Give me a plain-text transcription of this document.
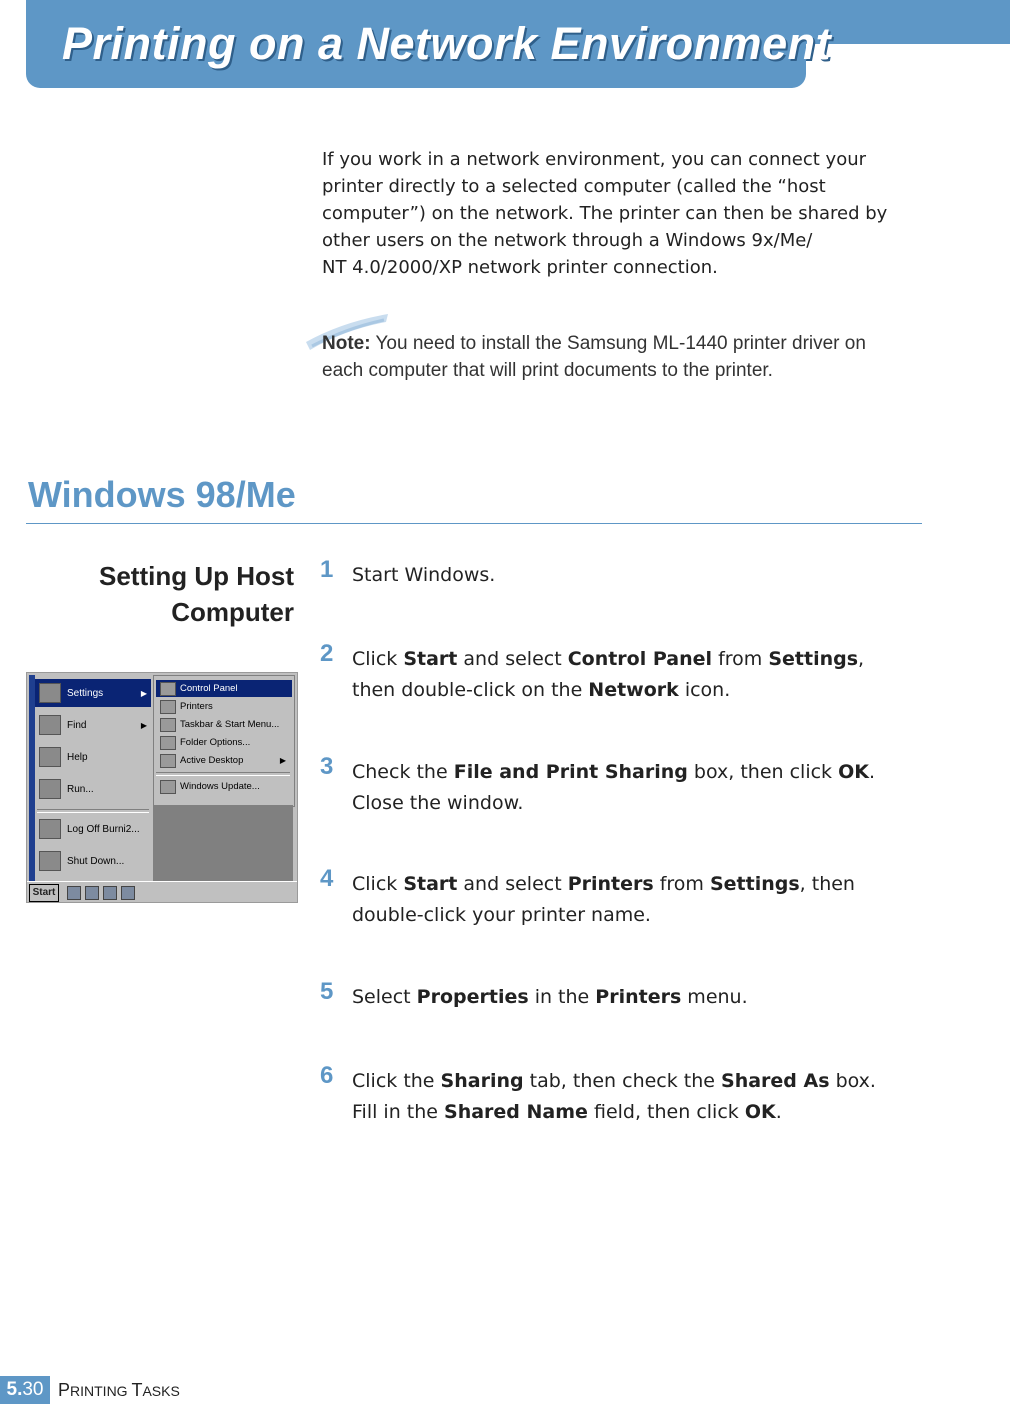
Printing on a Network Environment

If you work in a network environment, you can connect your

printer directly to a selected computer (called the “host

computer”) on the network. The printer can then be shared by

other users on the network through a Windows 9x/Me/

NT 4.0/2000/XP network printer connection.

Note: You need to install the Samsung ML-1440 printer driver on
each computer that will print documents to the printer.
Windows 98/Me
Setting Up Host
Computer
Settings	▶
Find	▶
Help
Run...
Log Off Burni2...
Shut Down...
Control Panel
Printers
Taskbar & Start Menu...
Folder Options...
Active Desktop	▶
Windows Update...
Start
1 Start Windows.
2 Click Start and select Control Panel from Settings,
then double-click on the Network icon.
3 Check the File and Print Sharing box, then click OK.
Close the window.
4 Click Start and select Printers from Settings, then
double-click your printer name.
5 Select Properties in the Printers menu.
6 Click the Sharing tab, then check the Shared As box.
Fill in the Shared Name field, then click OK.
5.30 PRINTING TASKS
